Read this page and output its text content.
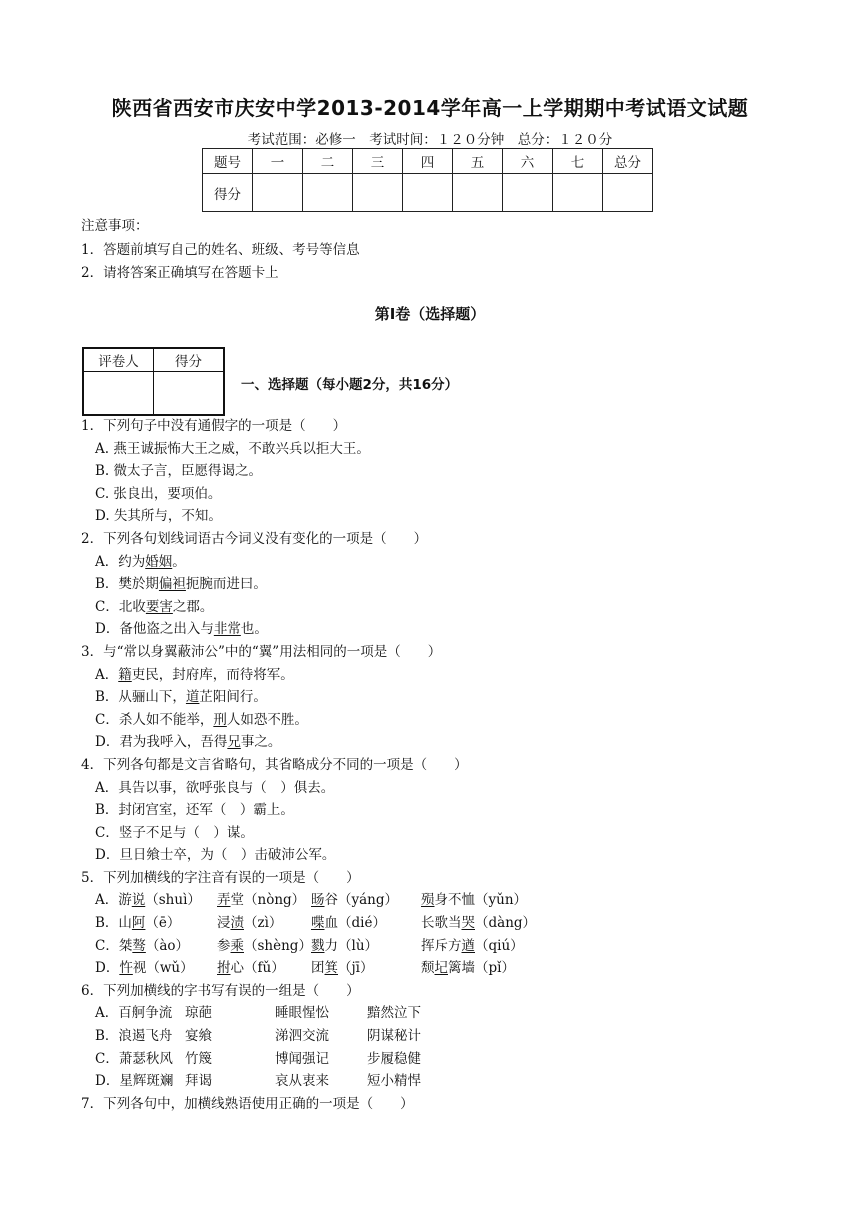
陕西省西安市庆安中学2013-2014学年高一上学期期中考试语文试题
考试范围：必修一　考试时间：１２０分钟　总分：１２０分
题号	一	二	三	四	五	六	七	总分
得分								
注意事项：
1．答题前填写自己的姓名、班级、考号等信息
2．请将答案正确填写在答题卡上
第Ⅰ卷（选择题）
评卷人	得分

一、选择题（每小题2分，共16分）
1．下列句子中没有通假字的一项是（　　）
A. 燕王诚振怖大王之威，不敢兴兵以拒大王。
B. 微太子言，臣愿得谒之。
C. 张良出，要项伯。
D. 失其所与，不知。
2．下列各句划线词语古今词义没有变化的一项是（　　）
A．约为婚姻。
B．樊於期偏袒扼腕而进曰。
C．北收要害之郡。
D．备他盗之出入与非常也。
3．与“常以身翼蔽沛公”中的“翼”用法相同的一项是（　　）
A．籍吏民，封府库，而待将军。
B．从骊山下，道芷阳间行。
C．杀人如不能举，刑人如恐不胜。
D．君为我呼入，吾得兄事之。
4．下列各句都是文言省略句，其省略成分不同的一项是（　　）
A．具告以事，欲呼张良与（　）俱去。
B．封闭宫室，还军（　）霸上。
C．竖子不足与（　）谋。
D．旦日飨士卒，为（　）击破沛公军。
5．下列加横线的字注音有误的一项是（　　）
A．游说（shuì） 弄堂（nòng） 旸谷（yáng） 殒身不恤（yǔn）
B．山阿（ē）	浸渍（zì） 喋血（dié）	长歌当哭（dàng）
C．桀骜（ào） 参乘（shèng）戮力（lù）	挥斥方遒（qiú）
D．忤视（wǔ） 拊心（fǔ） 团箕（jī）	颓圮篱墙（pǐ）
6．下列加横线的字书写有误的一组是（　　）
A．百舸争流 琼葩	睡眼惺忪	黯然泣下
B．浪遏飞舟 宴飨	涕泗交流	阴谋秘计
C．萧瑟秋风 竹篾	博闻强记	步履稳健
D．星辉斑斓 拜谒	哀从衷来	短小精悍
7．下列各句中，加横线熟语使用正确的一项是（　　）
